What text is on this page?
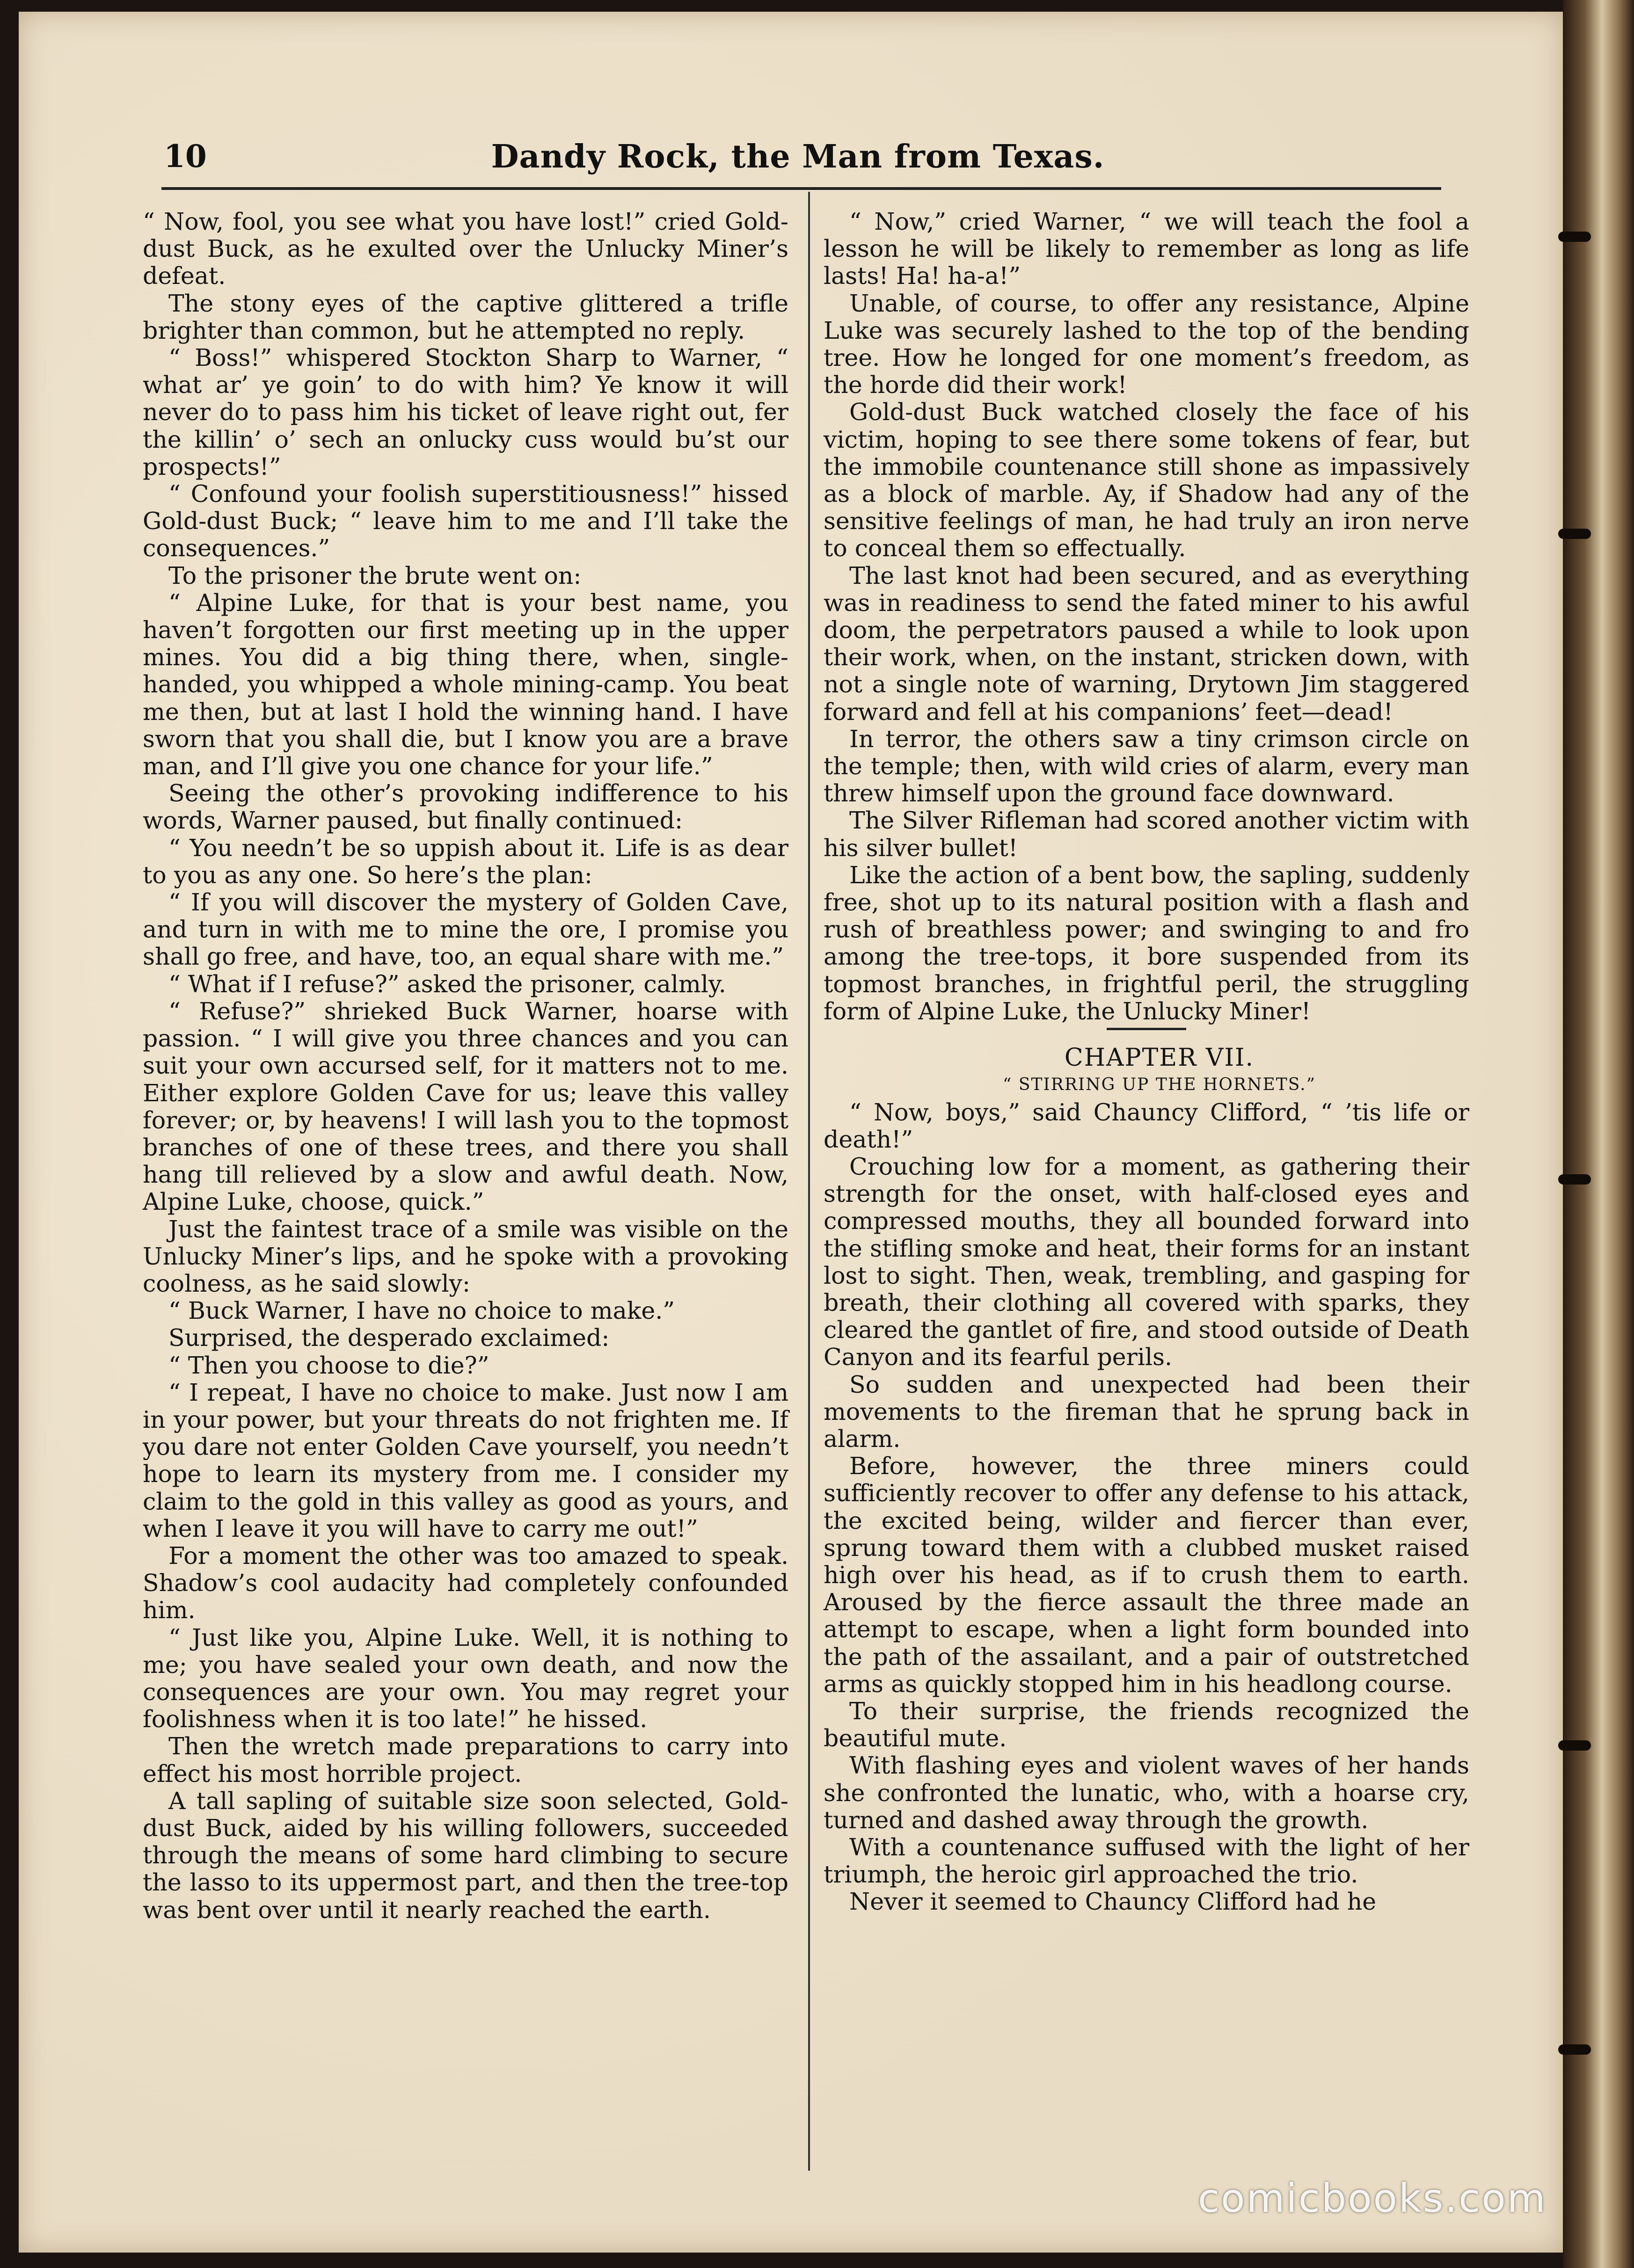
10	Dandy Rock, the Man from Texas.

“ Now, fool, you see what you have lost!” cried Gold-dust Buck, as he exulted over the Unlucky Miner’s defeat.

The stony eyes of the captive glittered a trifle brighter than common, but he attempted no reply.

“ Boss!” whispered Stockton Sharp to Warner, “ what ar’ ye goin’ to do with him? Ye know it will never do to pass him his ticket of leave right out, fer the killin’ o’ sech an onlucky cuss would bu’st our prospects!”

“ Confound your foolish superstitiousness!” hissed Gold-dust Buck; “ leave him to me and I’ll take the consequences.”

To the prisoner the brute went on:

“ Alpine Luke, for that is your best name, you haven’t forgotten our first meeting up in the upper mines. You did a big thing there, when, single-handed, you whipped a whole mining-camp. You beat me then, but at last I hold the winning hand. I have sworn that you shall die, but I know you are a brave man, and I’ll give you one chance for your life.”

Seeing the other’s provoking indifference to his words, Warner paused, but finally continued:

“ You needn’t be so uppish about it. Life is as dear to you as any one. So here’s the plan:

“ If you will discover the mystery of Golden Cave, and turn in with me to mine the ore, I promise you shall go free, and have, too, an equal share with me.”

“ What if I refuse?” asked the prisoner, calmly.

“ Refuse?” shrieked Buck Warner, hoarse with passion. “ I will give you three chances and you can suit your own accursed self, for it matters not to me. Either explore Golden Cave for us; leave this valley forever; or, by heavens! I will lash you to the topmost branches of one of these trees, and there you shall hang till relieved by a slow and awful death. Now, Alpine Luke, choose, quick.”

Just the faintest trace of a smile was visible on the Unlucky Miner’s lips, and he spoke with a provoking coolness, as he said slowly:

“ Buck Warner, I have no choice to make.”

Surprised, the desperado exclaimed:

“ Then you choose to die?”

“ I repeat, I have no choice to make. Just now I am in your power, but your threats do not frighten me. If you dare not enter Golden Cave yourself, you needn’t hope to learn its mystery from me. I consider my claim to the gold in this valley as good as yours, and when I leave it you will have to carry me out!”

For a moment the other was too amazed to speak. Shadow’s cool audacity had completely confounded him.

“ Just like you, Alpine Luke. Well, it is nothing to me; you have sealed your own death, and now the consequences are your own. You may regret your foolishness when it is too late!” he hissed.

Then the wretch made preparations to carry into effect his most horrible project.

A tall sapling of suitable size soon selected, Gold-dust Buck, aided by his willing followers, succeeded through the means of some hard climbing to secure the lasso to its uppermost part, and then the tree-top was bent over until it nearly reached the earth.

“ Now,” cried Warner, “ we will teach the fool a lesson he will be likely to remember as long as life lasts! Ha! ha-a!”

Unable, of course, to offer any resistance, Alpine Luke was securely lashed to the top of the bending tree. How he longed for one moment’s freedom, as the horde did their work!

Gold-dust Buck watched closely the face of his victim, hoping to see there some tokens of fear, but the immobile countenance still shone as impassively as a block of marble. Ay, if Shadow had any of the sensitive feelings of man, he had truly an iron nerve to conceal them so effectually.

The last knot had been secured, and as everything was in readiness to send the fated miner to his awful doom, the perpetrators paused a while to look upon their work, when, on the instant, stricken down, with not a single note of warning, Drytown Jim staggered forward and fell at his companions’ feet—dead!

In terror, the others saw a tiny crimson circle on the temple; then, with wild cries of alarm, every man threw himself upon the ground face downward.

The Silver Rifleman had scored another victim with his silver bullet!

Like the action of a bent bow, the sapling, suddenly free, shot up to its natural position with a flash and rush of breathless power; and swinging to and fro among the tree-tops, it bore suspended from its topmost branches, in frightful peril, the struggling form of Alpine Luke, the Unlucky Miner!

CHAPTER VII.

“ STIRRING UP THE HORNETS.”

“ Now, boys,” said Chauncy Clifford, “ ’tis life or death!”

Crouching low for a moment, as gathering their strength for the onset, with half-closed eyes and compressed mouths, they all bounded forward into the stifling smoke and heat, their forms for an instant lost to sight. Then, weak, trembling, and gasping for breath, their clothing all covered with sparks, they cleared the gantlet of fire, and stood outside of Death Canyon and its fearful perils.

So sudden and unexpected had been their movements to the fireman that he sprung back in alarm.

Before, however, the three miners could sufficiently recover to offer any defense to his attack, the excited being, wilder and fiercer than ever, sprung toward them with a clubbed musket raised high over his head, as if to crush them to earth. Aroused by the fierce assault the three made an attempt to escape, when a light form bounded into the path of the assailant, and a pair of outstretched arms as quickly stopped him in his headlong course.

To their surprise, the friends recognized the beautiful mute.

With flashing eyes and violent waves of her hands she confronted the lunatic, who, with a hoarse cry, turned and dashed away through the growth.

With a countenance suffused with the light of her triumph, the heroic girl approached the trio.

Never it seemed to Chauncy Clifford had he

comicbooks.com
